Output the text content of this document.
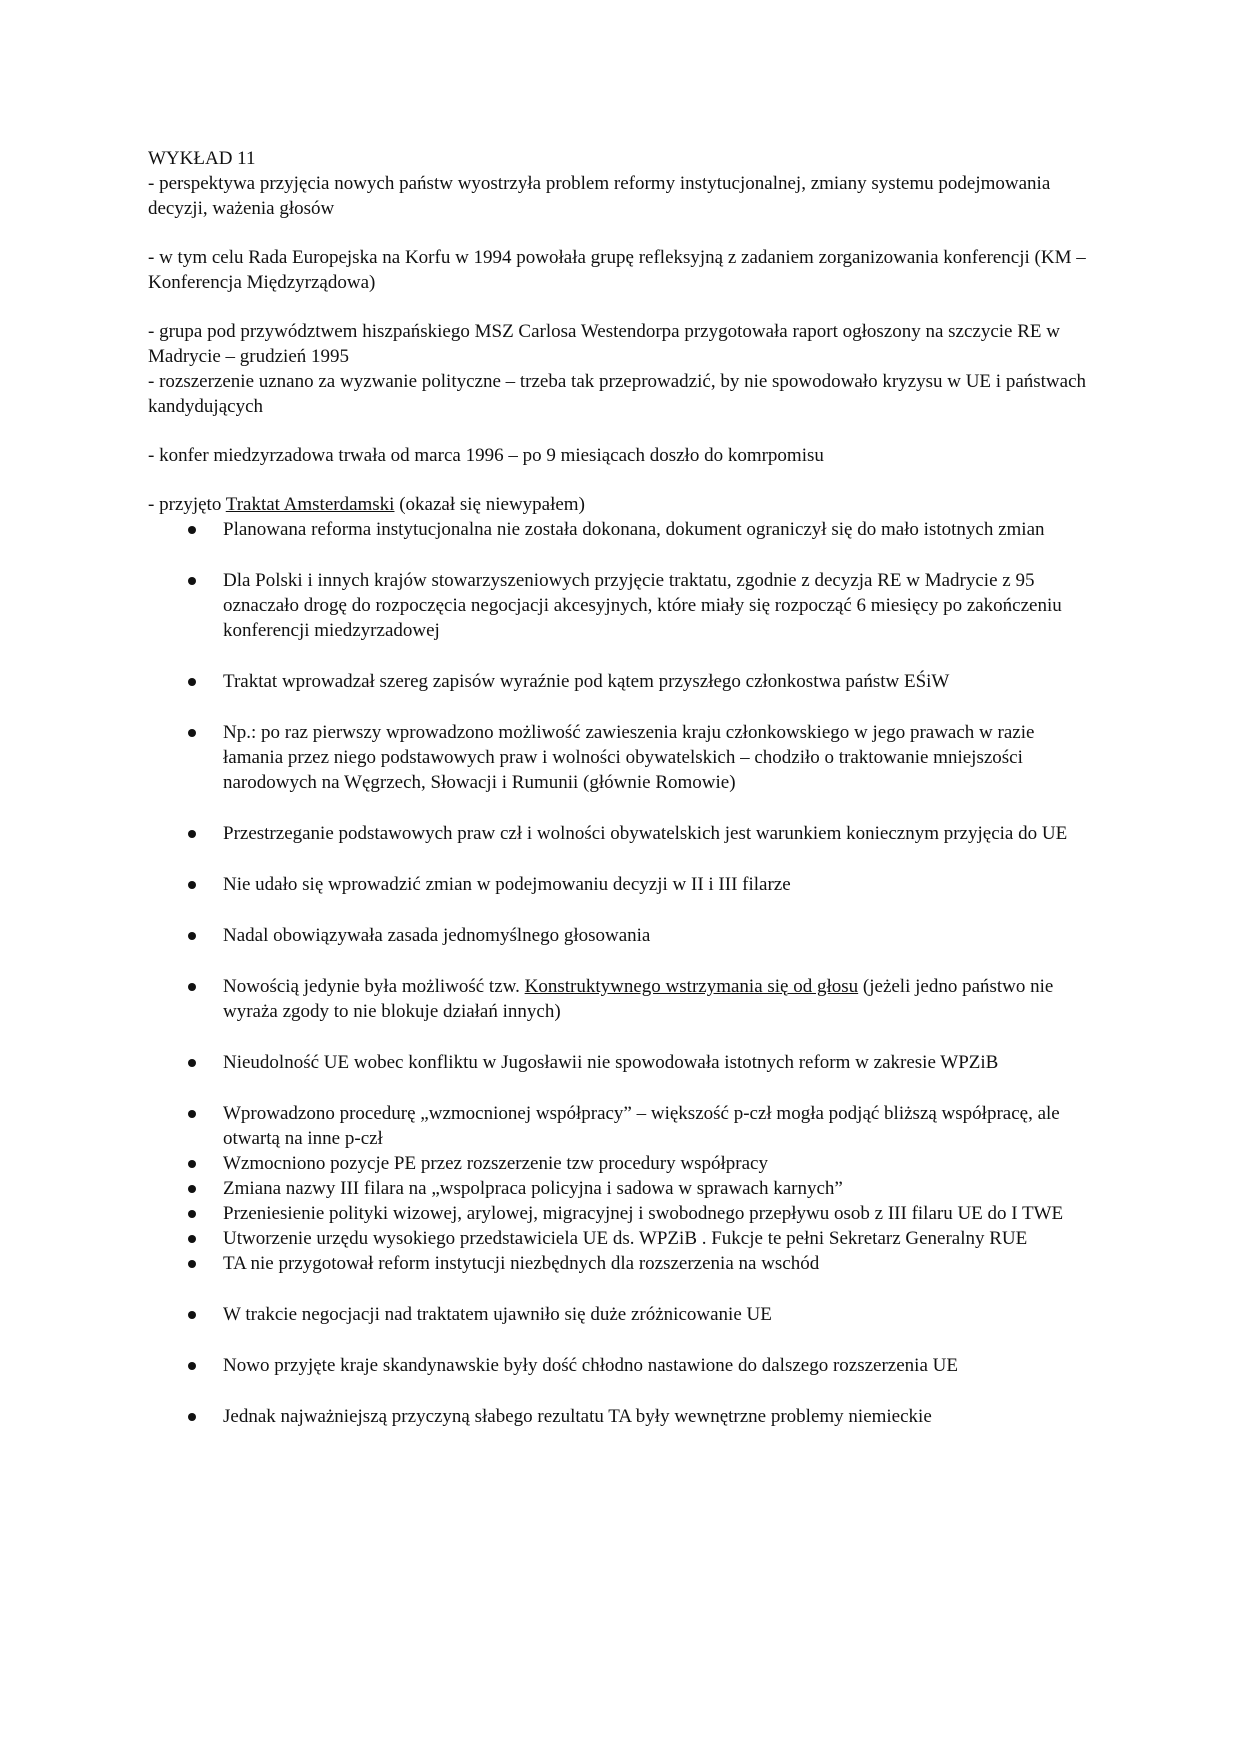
WYKŁAD 11

- perspektywa przyjęcia nowych państw wyostrzyła problem reformy instytucjonalnej, zmiany systemu podejmowania decyzji, ważenia głosów

- w tym celu Rada Europejska na Korfu w 1994 powołała grupę refleksyjną z zadaniem zorganizowania konferencji (KM – Konferencja Międzyrządowa)

- grupa pod przywództwem hiszpańskiego MSZ Carlosa Westendorpa przygotowała raport ogłoszony na szczycie RE w Madrycie – grudzień 1995

- rozszerzenie uznano za wyzwanie polityczne – trzeba tak przeprowadzić, by nie spowodowało kryzysu w UE i państwach kandydujących

- konfer miedzyrzadowa trwała od marca 1996 – po 9 miesiącach doszło do komrpomisu

- przyjęto Traktat Amsterdamski (okazał się niewypałem)

Planowana reforma instytucjonalna nie została dokonana, dokument ograniczył się do mało istotnych zmian
Dla Polski i innych krajów stowarzyszeniowych przyjęcie traktatu, zgodnie z decyzja RE w Madrycie z 95 oznaczało drogę do rozpoczęcia negocjacji akcesyjnych, które miały się rozpocząć 6 miesięcy po zakończeniu konferencji miedzyrzadowej
Traktat wprowadzał szereg zapisów wyraźnie pod kątem przyszłego członkostwa państw EŚiW
Np.: po raz pierwszy wprowadzono możliwość zawieszenia kraju członkowskiego w jego prawach w razie łamania przez niego podstawowych praw i wolności obywatelskich – chodziło o traktowanie mniejszości narodowych na Węgrzech, Słowacji i Rumunii (głównie Romowie)
Przestrzeganie podstawowych praw czł i wolności obywatelskich jest warunkiem koniecznym przyjęcia do UE
Nie udało się wprowadzić zmian w podejmowaniu decyzji w II i III filarze
Nadal obowiązywała zasada jednomyślnego głosowania
Nowością jedynie była możliwość tzw. Konstruktywnego wstrzymania się od głosu (jeżeli jedno państwo nie wyraża zgody to nie blokuje działań innych)
Nieudolność UE wobec konfliktu w Jugosławii nie spowodowała istotnych reform w zakresie WPZiB
Wprowadzono procedurę „wzmocnionej współpracy” – większość p-czł mogła podjąć bliższą współpracę, ale otwartą na inne p-czł
Wzmocniono pozycje PE przez rozszerzenie tzw procedury współpracy
Zmiana nazwy III filara na „wspolpraca policyjna i sadowa w sprawach karnych”
Przeniesienie polityki wizowej, arylowej, migracyjnej i swobodnego przepływu osob z III filaru UE do I TWE
Utworzenie urzędu wysokiego przedstawiciela UE ds. WPZiB . Fukcje te pełni Sekretarz Generalny RUE
TA nie przygotował reform instytucji niezbędnych dla rozszerzenia na wschód
W trakcie negocjacji nad traktatem ujawniło się duże zróżnicowanie UE
Nowo przyjęte kraje skandynawskie były dość chłodno nastawione do dalszego rozszerzenia UE
Jednak najważniejszą przyczyną słabego rezultatu TA były wewnętrzne problemy niemieckie
